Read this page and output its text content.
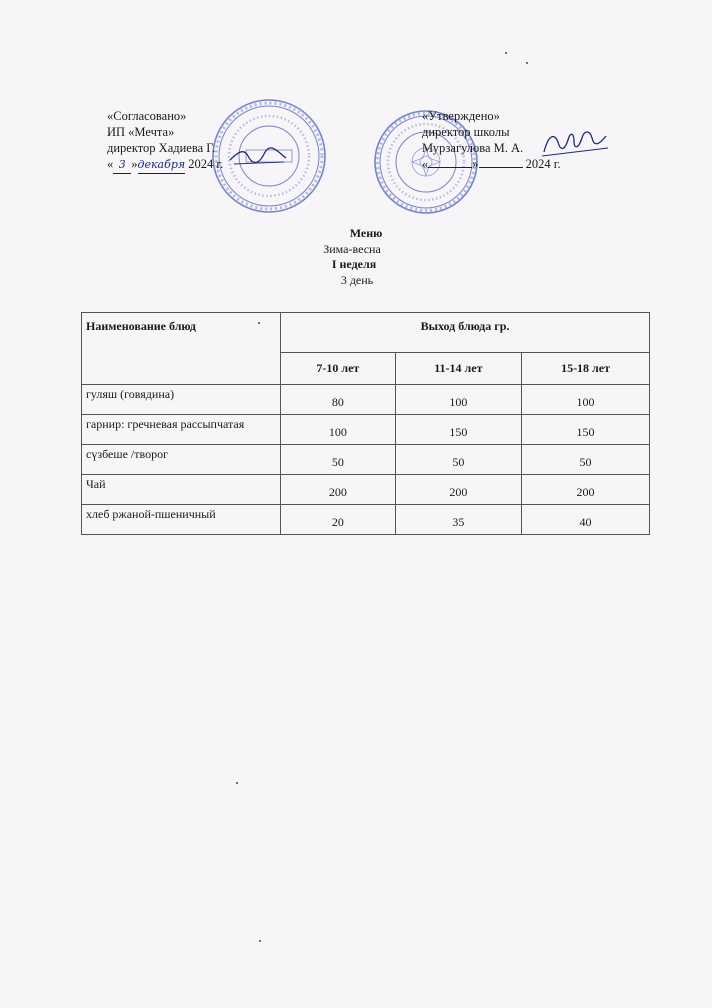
«Согласовано»
ИП «Мечта»
директор Хадиева Г.
« 3 »декабря 2024 г.
«Утверждено»
директор школы
Мурзагулова М. А.
«	»	2024 г.
Меню
Зима-весна
I неделя
3 день
Наименование блюд	Выход блюда гр.		
	7-10 лет	11-14 лет	15-18 лет
гуляш (говядина)	80	100	100
гарнир: гречневая рассыпчатая	100	150	150
сүзбеше /творог	50	50	50
Чай	200	200	200
хлеб ржаной-пшеничный	20	35	40
